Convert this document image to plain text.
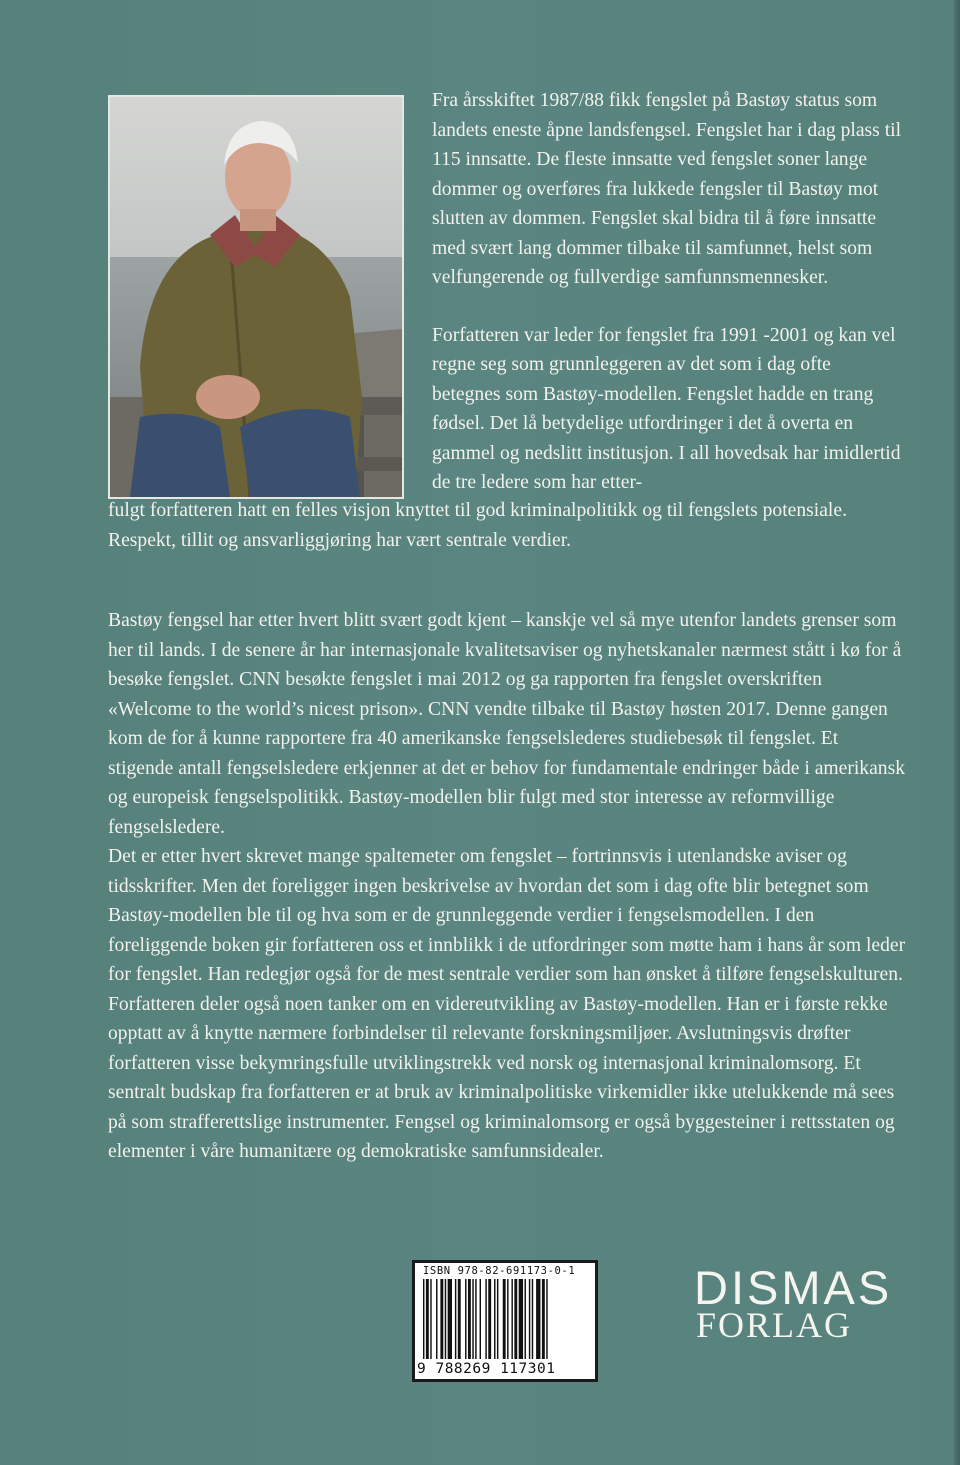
Fra årsskiftet 1987/88 fikk fengslet på Bastøy status som landets eneste åpne landsfengsel. Fengslet har i dag plass til 115 innsatte. De fleste innsatte ved fengslet soner lange dommer og overføres fra lukkede fengsler til Bastøy mot slutten av dommen. Fengslet skal bidra til å føre innsatte med svært lang dommer tilbake til samfunnet, helst som velfungerende og fullverdige samfunnsmennesker.

Forfatteren var leder for fengslet fra 1991 -2001 og kan vel regne seg som grunnleggeren av det som i dag ofte betegnes som Bastøy-modellen. Fengslet hadde en trang fødsel. Det lå betydelige utfordringer i det å overta en gammel og nedslitt institusjon. I all hovedsak har imidlertid de tre ledere som har etter-

fulgt forfatteren hatt en felles visjon knyttet til god kriminalpolitikk og til fengslets potensiale. Respekt, tillit og ansvarliggjøring har vært sentrale verdier.

Bastøy fengsel har etter hvert blitt svært godt kjent – kanskje vel så mye utenfor landets grenser som her til lands. I de senere år har internasjonale kvalitetsaviser og nyhetskanaler nærmest stått i kø for å besøke fengslet. CNN besøkte fengslet i mai 2012 og ga rapporten fra fengslet overskriften «Welcome to the world’s nicest prison». CNN vendte tilbake til Bastøy høsten 2017. Denne gangen kom de for å kunne rapportere fra 40 amerikanske fengselslederes studiebesøk til fengslet. Et stigende antall fengselsledere erkjenner at det er behov for fundamentale endringer både i amerikansk og europeisk fengselspolitikk. Bastøy-modellen blir fulgt med stor interesse av reformvillige fengselsledere.

Det er etter hvert skrevet mange spaltemeter om fengslet – fortrinnsvis i utenlandske aviser og tidsskrifter. Men det foreligger ingen beskrivelse av hvordan det som i dag ofte blir betegnet som Bastøy-modellen ble til og hva som er de grunnleggende verdier i fengselsmodellen. I den foreliggende boken gir forfatteren oss et innblikk i de utfordringer som møtte ham i hans år som leder for fengslet. Han redegjør også for de mest sentrale verdier som han ønsket å tilføre fengselskulturen.

Forfatteren deler også noen tanker om en videreutvikling av Bastøy-modellen. Han er i første rekke opptatt av å knytte nærmere forbindelser til relevante forskningsmiljøer. Avslutningsvis drøfter forfatteren visse bekymringsfulle utviklingstrekk ved norsk og internasjonal kriminalomsorg. Et sentralt budskap fra forfatteren er at bruk av kriminalpolitiske virkemidler ikke utelukkende må sees på som strafferettslige instrumenter. Fengsel og kriminalomsorg er også byggesteiner i rettsstaten og elementer i våre humanitære og demokratiske samfunnsidealer.

ISBN 978-82-691173-0-1
9 788269 117301
DISMAS
FORLAG
